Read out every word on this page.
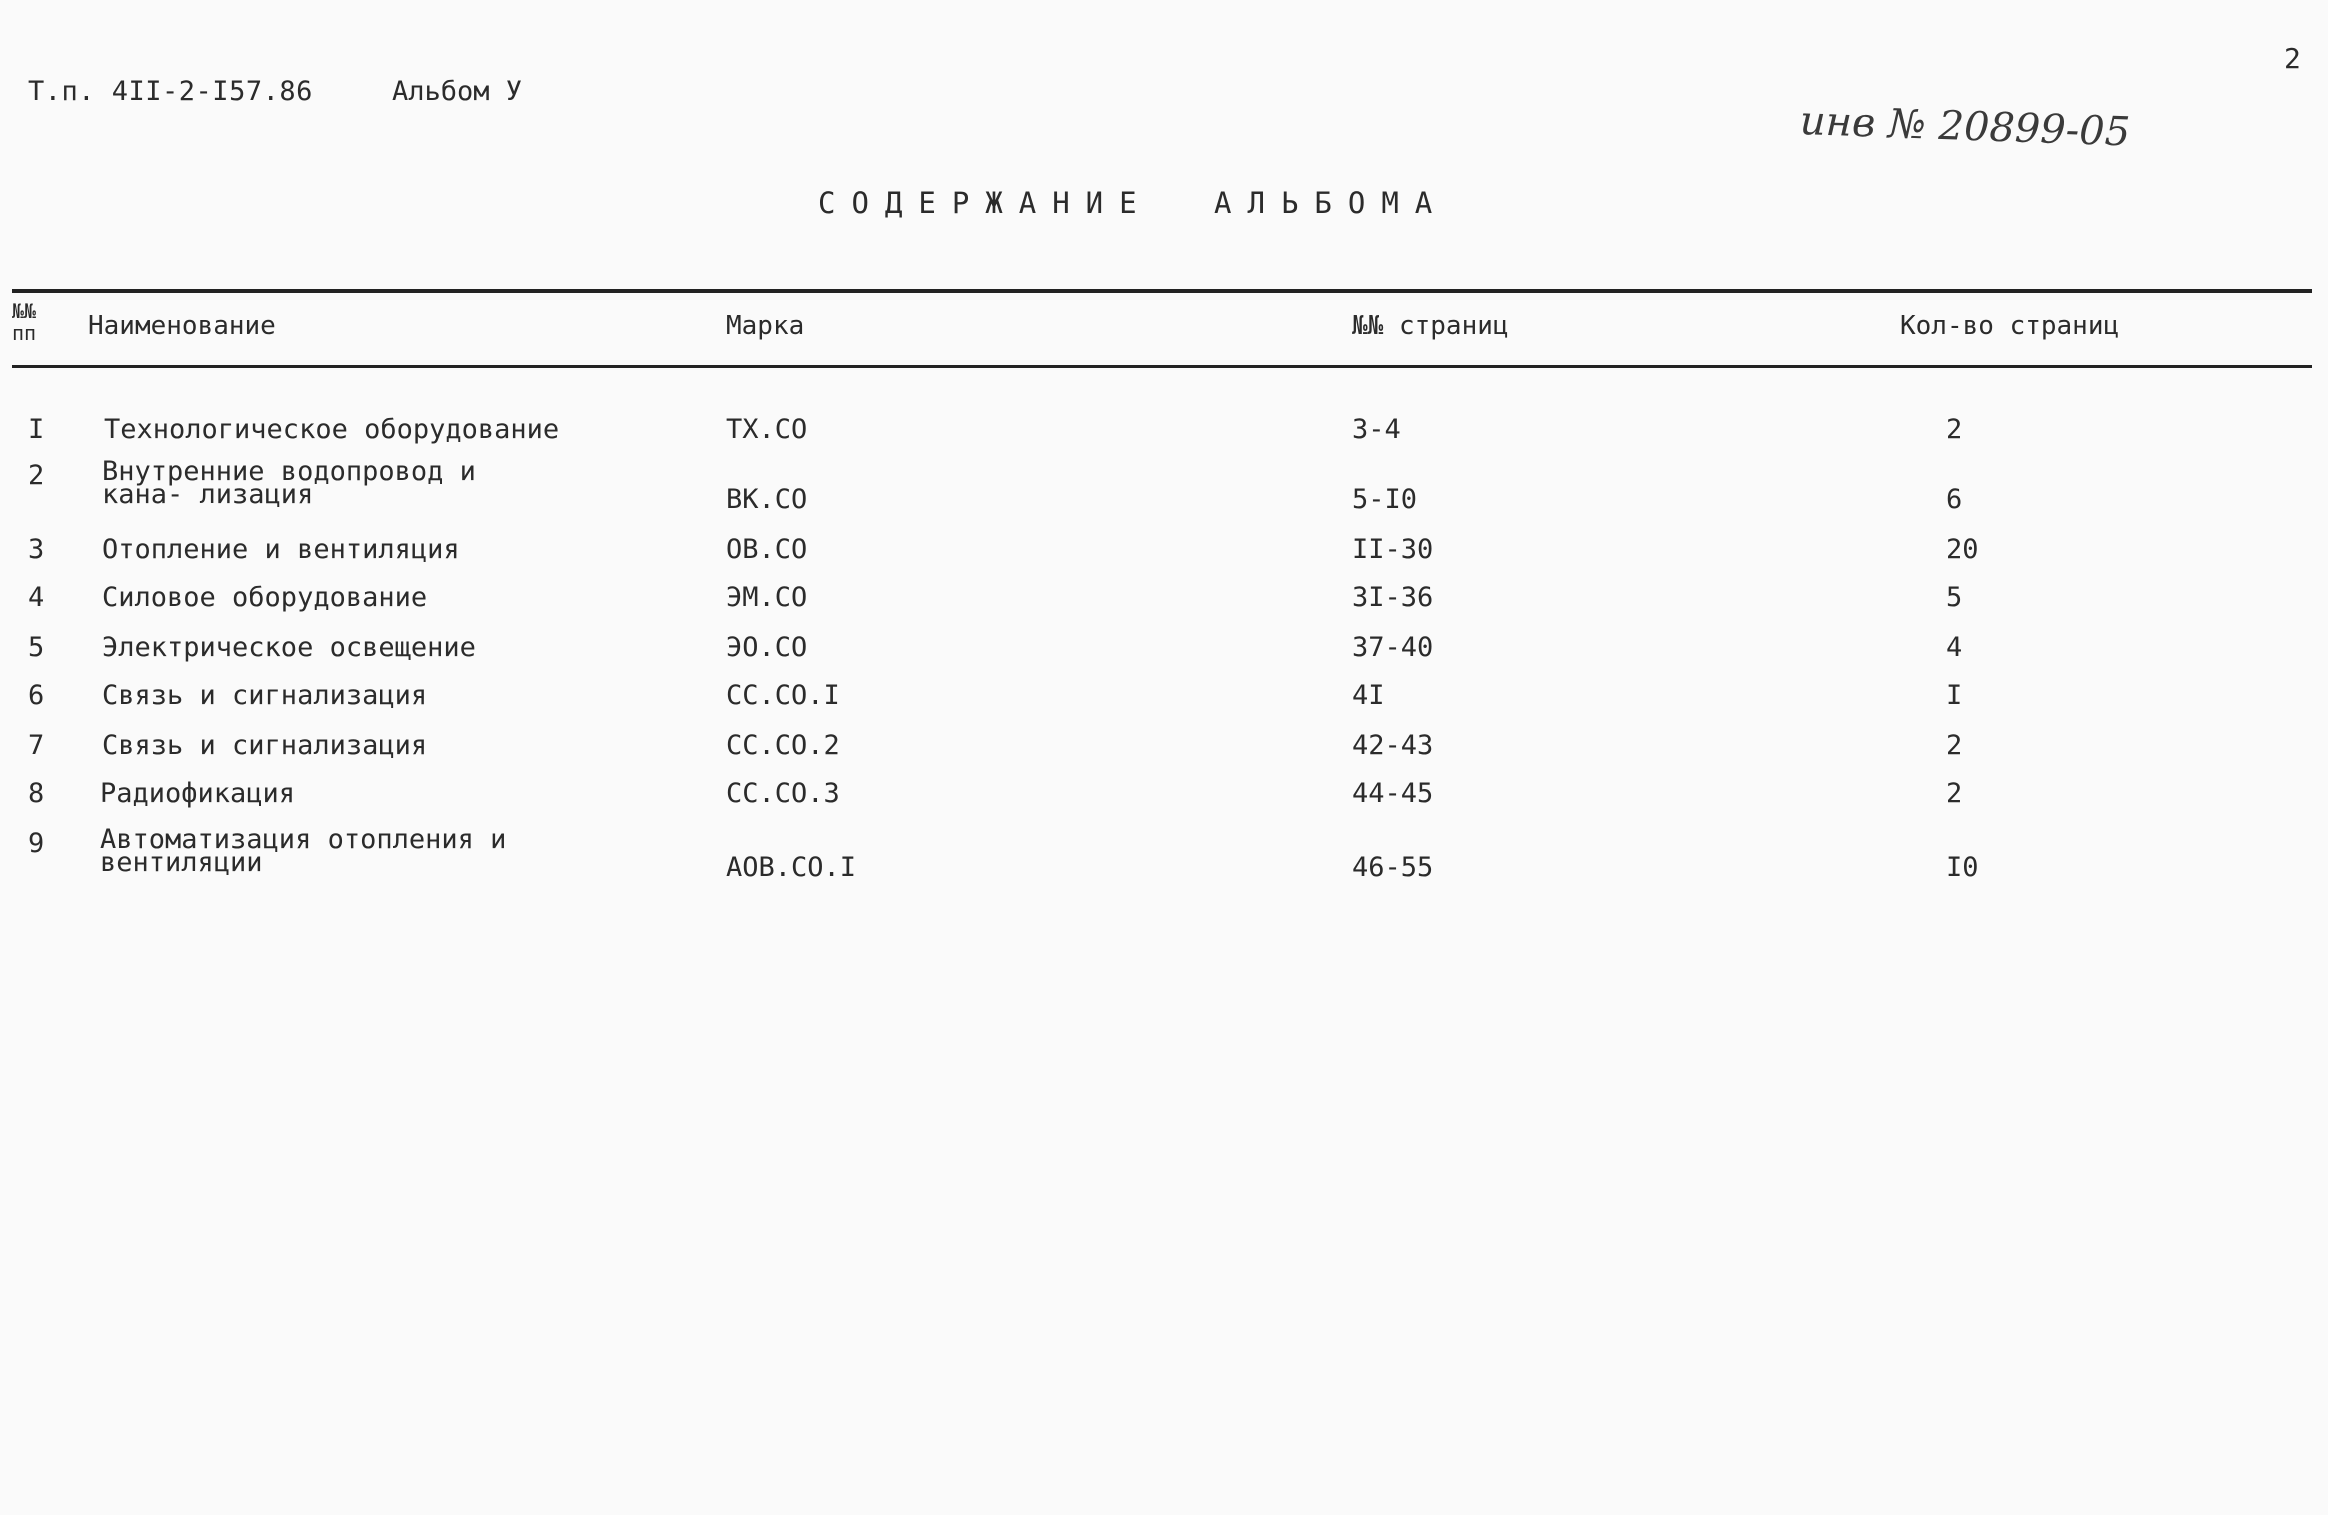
2
Т.п. 4II-2-I57.86	Альбом У
инв № 20899-05
СОДЕРЖАНИЕ АЛЬБОМА
№№ пп	Наименование	Марка	№№ страниц	Кол-во страниц
I Технологическое оборудование	ТХ.СО	3-4	2
2 Внутренние водопровод и кана- лизация	ВК.СО	5-I0	6
3 Отопление и вентиляция	ОВ.СО	II-30	20
4 Силовое оборудование	ЭМ.СО	3I-36	5
5 Электрическое освещение	ЭО.СО	37-40	4
6 Связь и сигнализация	СС.СО.I	4I	I
7 Связь и сигнализация	СС.СО.2	42-43	2
8 Радиофикация	СС.СО.3	44-45	2
9 Автоматизация отопления и вентиляции	АОВ.СО.I	46-55	I0
